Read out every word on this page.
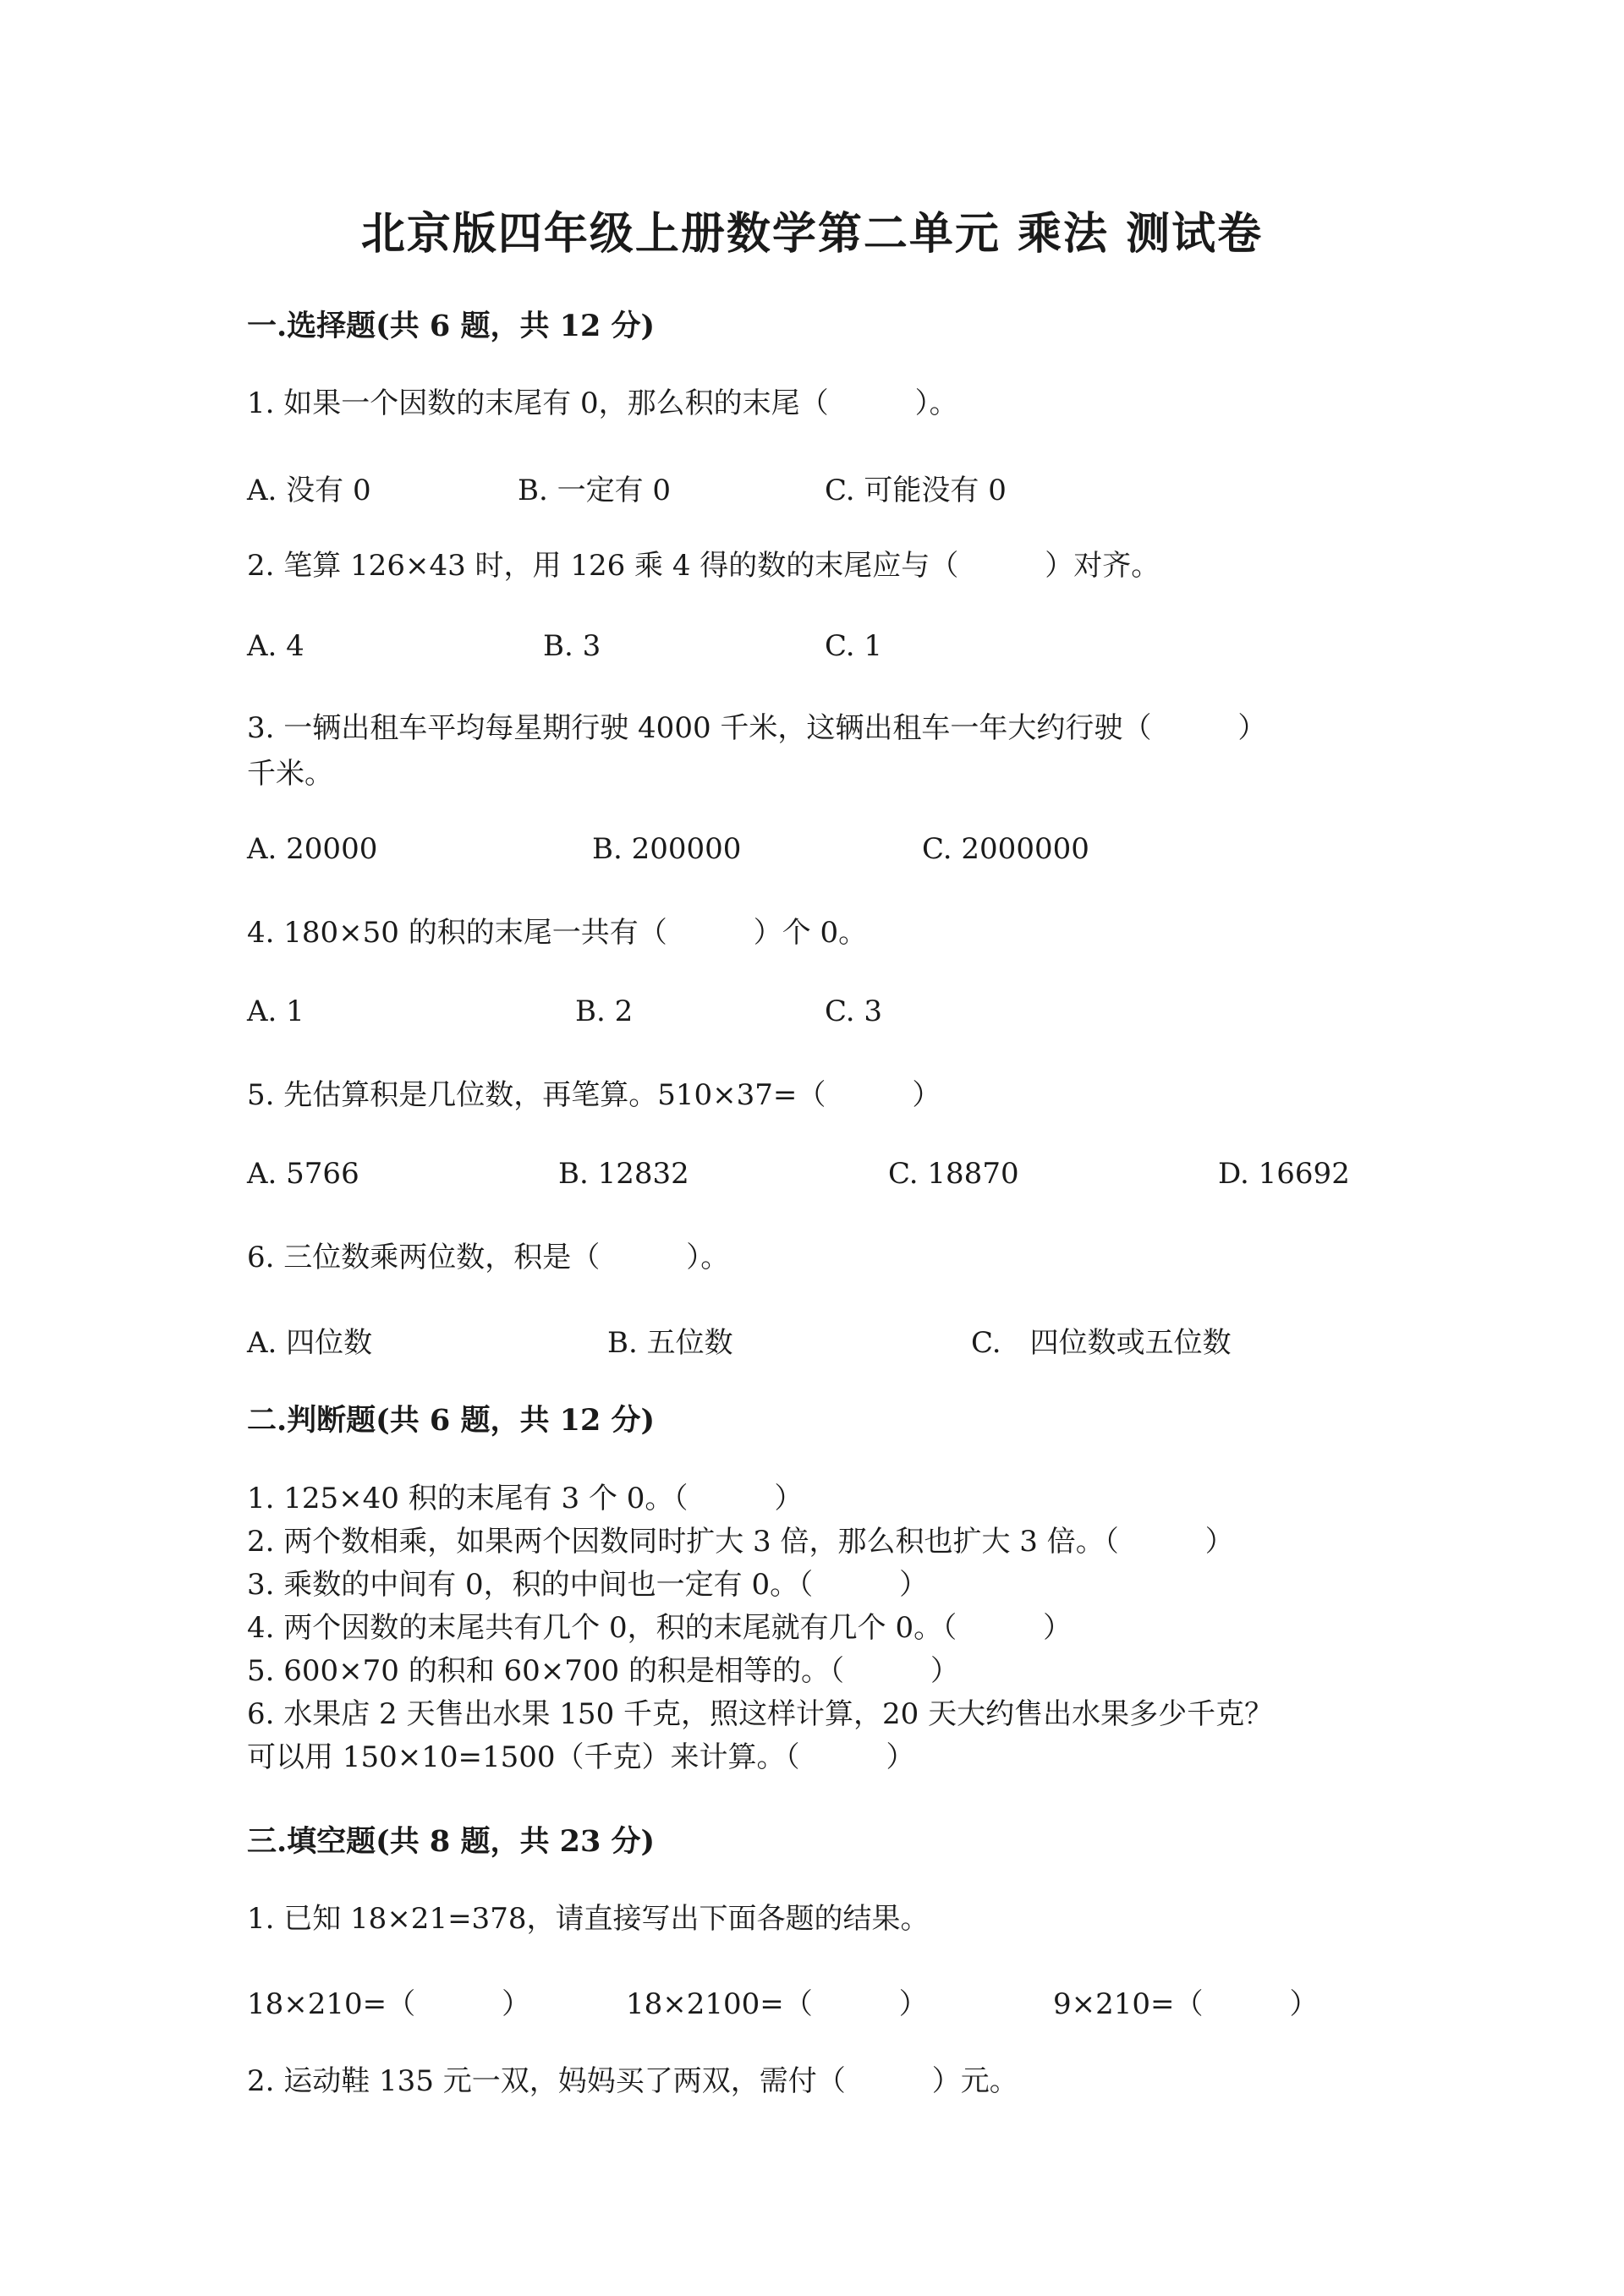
北京版四年级上册数学第二单元 乘法 测试卷
一.选择题(共 6 题，共 12 分)
1. 如果一个因数的末尾有 0，那么积的末尾（　　　）。
A. 没有 0	B. 一定有 0	C. 可能没有 0
2. 笔算 126×43 时，用 126 乘 4 得的数的末尾应与（　　　）对齐。
A. 4	B. 3	C. 1
3. 一辆出租车平均每星期行驶 4000 千米，这辆出租车一年大约行驶（　　　）
千米。
A. 20000	B. 200000	C. 2000000
4. 180×50 的积的末尾一共有（　　　）个 0。
A. 1	B. 2	C. 3
5. 先估算积是几位数，再笔算。510×37=（　　　）
A. 5766	B. 12832	C. 18870	D. 16692
6. 三位数乘两位数，积是（　　　）。
A. 四位数	B. 五位数	C.　四位数或五位数
二.判断题(共 6 题，共 12 分)
1. 125×40 积的末尾有 3 个 0。（　　　）
2. 两个数相乘，如果两个因数同时扩大 3 倍，那么积也扩大 3 倍。（　　　）
3. 乘数的中间有 0，积的中间也一定有 0。（　　　）
4. 两个因数的末尾共有几个 0，积的末尾就有几个 0。（　　　）
5. 600×70 的积和 60×700 的积是相等的。（　　　）
6. 水果店 2 天售出水果 150 千克，照这样计算，20 天大约售出水果多少千克？
可以用 150×10=1500（千克）来计算。（　　　）
三.填空题(共 8 题，共 23 分)
1. 已知 18×21=378，请直接写出下面各题的结果。
18×210=（　　　）	18×2100=（　　　）	9×210=（　　　）
2. 运动鞋 135 元一双，妈妈买了两双，需付（　　　）元。
